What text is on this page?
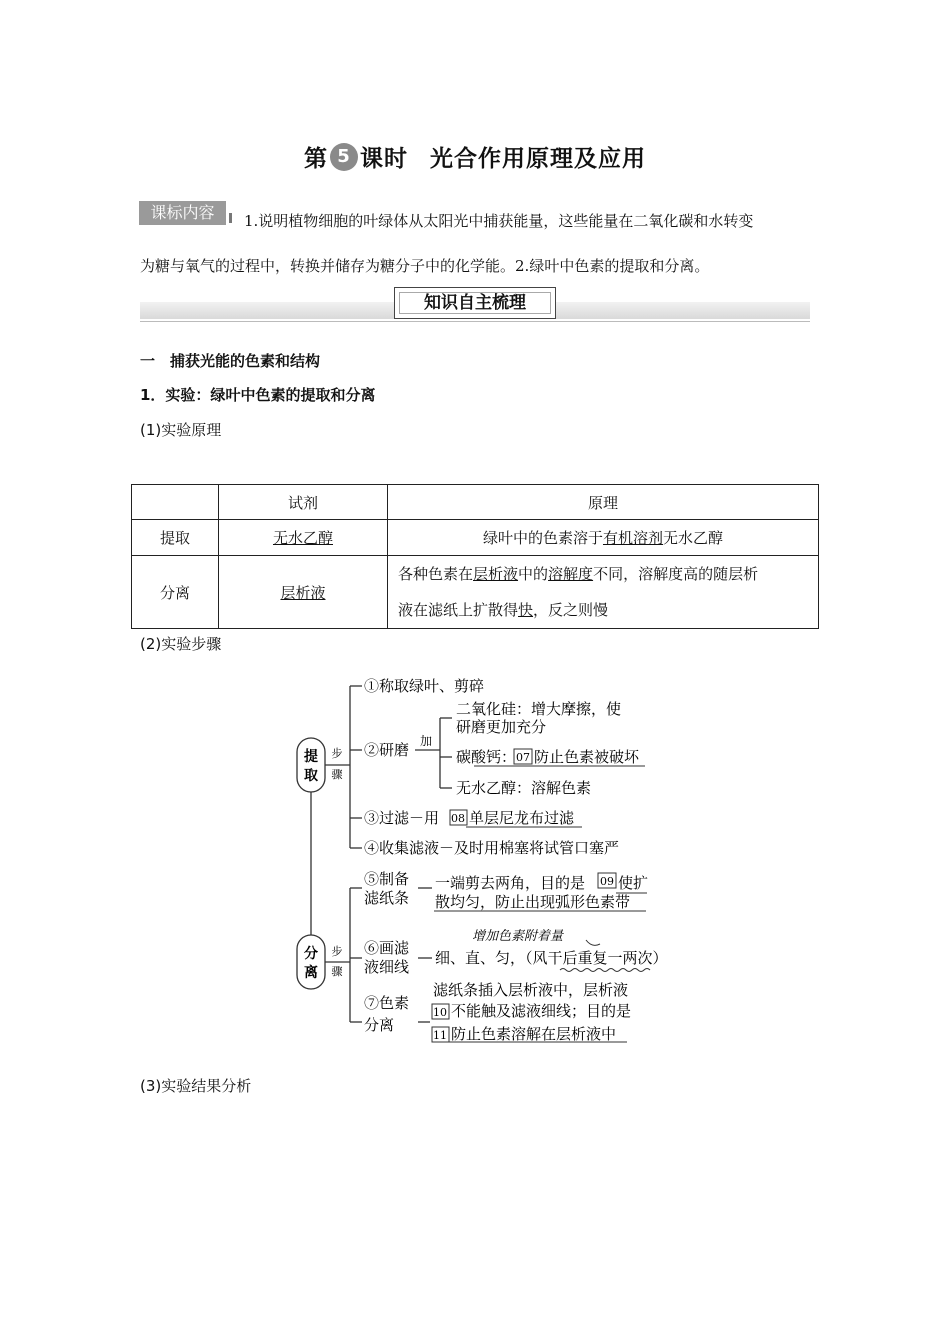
第 5 课时 光合作用原理及应用
课标内容	1.说明植物细胞的叶绿体从太阳光中捕获能量，这些能量在二氧化碳和水转变
为糖与氧气的过程中，转换并储存为糖分子中的化学能。2.绿叶中色素的提取和分离。
知识自主梳理
一　捕获光能的色素和结构
1．实验：绿叶中色素的提取和分离
(1)实验原理
	试剂	原理
提取	无水乙醇	绿叶中的色素溶于有机溶剂无水乙醇
分离	层析液	各种色素在层析液中的溶解度不同，溶解度高的随层析
液在滤纸上扩散得快，反之则慢
(2)实验步骤
提
取
步
骤
分
离
步
骤
①称取绿叶、剪碎
②研磨 加
二氧化硅：增大摩擦，使
研磨更加充分
碳酸钙： 07 防止色素被破坏
无水乙醇：溶解色素
③过滤－用 08 单层尼龙布过滤
④收集滤液－及时用棉塞将试管口塞严
⑤制备
滤纸条
一端剪去两角，目的是 09 使扩
散均匀，防止出现弧形色素带
增加色素附着量
⑥画滤
液细线 细、直、匀，（风干后重复一两次）
⑦色素
分离
滤纸条插入层析液中，层析液
10 不能触及滤液细线；目的是
11 防止色素溶解在层析液中
(3)实验结果分析
